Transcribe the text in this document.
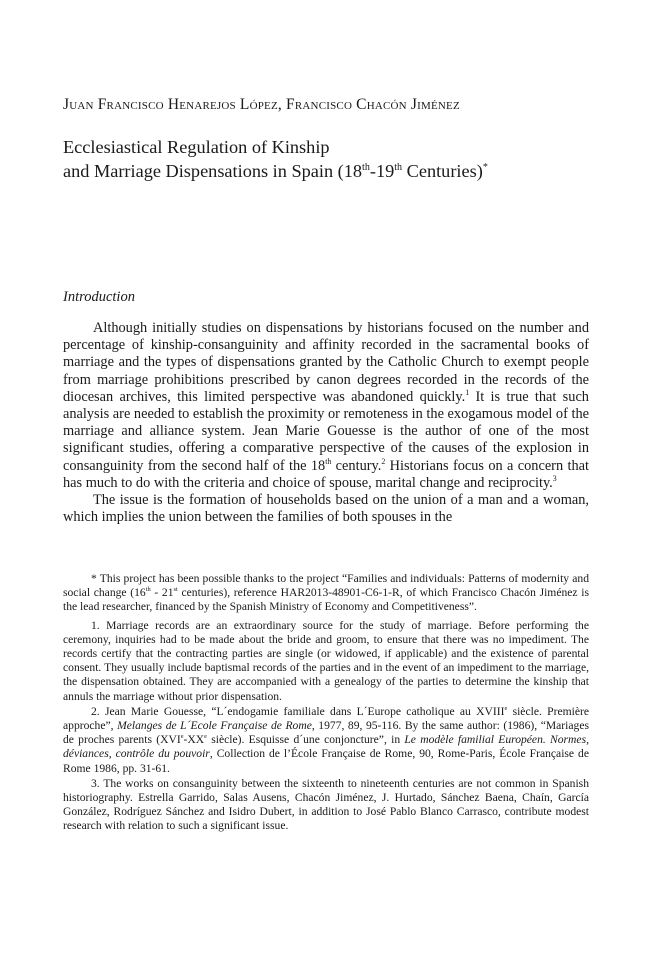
Juan Francisco Henarejos López, Francisco Chacón Jiménez
Ecclesiastical Regulation of Kinship
and Marriage Dispensations in Spain (18th-19th Centuries)*
Introduction

Although initially studies on dispensations by historians focused on the number and percentage of kinship-consanguinity and affinity recorded in the sacramental books of marriage and the types of dispensations granted by the Catholic Church to exempt people from marriage prohibitions prescribed by canon degrees recorded in the records of the diocesan archives, this limited perspective was abandoned quickly.$^1$ It is true that such analysis are needed to establish the proximity or remoteness in the exogamous model of the marriage and alliance system. Jean Marie Gouesse is the author of one of the most significant studies, offering a comparative perspective of the causes of the explosion in consanguinity from the second half of the 18th century.$^2$ Historians focus on a concern that has much to do with the criteria and choice of spouse, marital change and reciprocity.$^3$

The issue is the formation of households based on the union of a man and a woman, which implies the union between the families of both spouses in the

* This project has been possible thanks to the project “Families and individuals: Patterns of modernity and social change (16th - 21st centuries), reference HAR2013-48901-C6-1-R, of which Francisco Chacón Jiménez is the lead researcher, financed by the Spanish Ministry of Economy and Competitiveness”.

1. Marriage records are an extraordinary source for the study of marriage. Before performing the ceremony, inquiries had to be made about the bride and groom, to ensure that there was no impediment. The records certify that the contracting parties are single (or widowed, if applicable) and the existence of parental consent. They usually include baptismal records of the parties and in the event of an impediment to the marriage, the dispensation obtained. They are accompanied with a genealogy of the parties to determine the kinship that annuls the marriage without prior dispensation.

2. Jean Marie Gouesse, “L´endogamie familiale dans L´Europe catholique au XVIIIe siècle. Première approche”, Melanges de L´Ecole Française de Rome, 1977, 89, 95-116. By the same author: (1986), “Mariages de proches parents (XVIe-XXe siècle). Esquisse d´une conjoncture”, in Le modèle familial Européen. Normes, déviances, contrôle du pouvoir, Collection de l’École Française de Rome, 90, Rome-Paris, École Française de Rome 1986, pp. 31-61.

3. The works on consanguinity between the sixteenth to nineteenth centuries are not common in Spanish historiography. Estrella Garrido, Salas Ausens, Chacón Jiménez, J. Hurtado, Sánchez Baena, Chaín, García González, Rodríguez Sánchez and Isidro Dubert, in addition to José Pablo Blanco Carrasco, contribute modest research with relation to such a significant issue.
